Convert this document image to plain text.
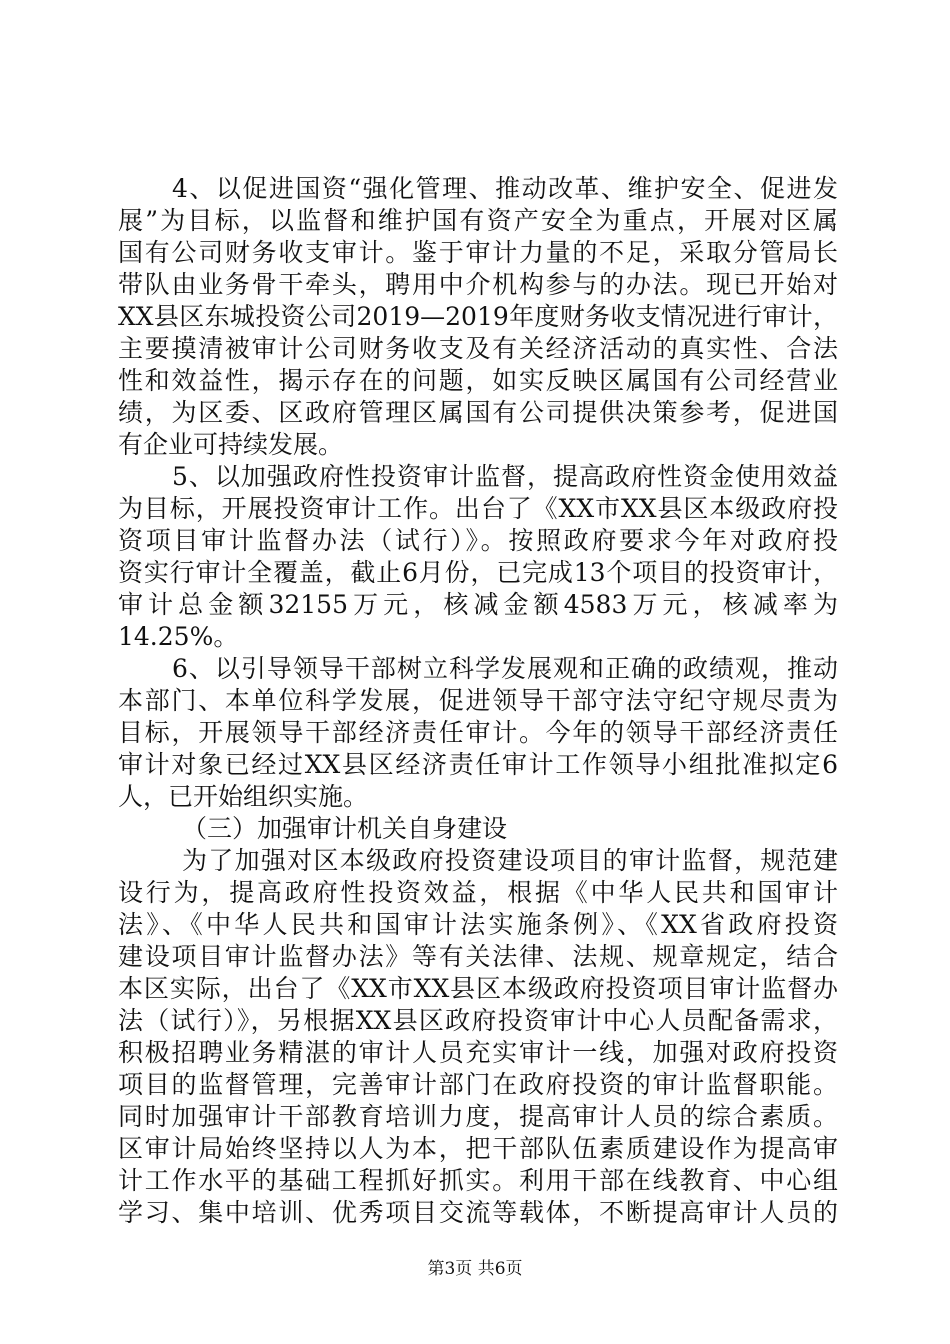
4、以促进国资“强化管理、推动改革、维护安全、促进发
展”为目标，以监督和维护国有资产安全为重点，开展对区属
国有公司财务收支审计。鉴于审计力量的不足，采取分管局长
带队由业务骨干牵头，聘用中介机构参与的办法。现已开始对
XX县区东城投资公司2019—2019年度财务收支情况进行审计，
主要摸清被审计公司财务收支及有关经济活动的真实性、合法
性和效益性，揭示存在的问题，如实反映区属国有公司经营业
绩，为区委、区政府管理区属国有公司提供决策参考，促进国
有企业可持续发展。
5、以加强政府性投资审计监督，提高政府性资金使用效益
为目标，开展投资审计工作。出台了《XX市XX县区本级政府投
资项目审计监督办法（试行）》。按照政府要求今年对政府投
资实行审计全覆盖，截止6月份，已完成13个项目的投资审计，
审计总金额32155万元，核减金额4583万元，核减率为
14.25%。
6、以引导领导干部树立科学发展观和正确的政绩观，推动
本部门、本单位科学发展，促进领导干部守法守纪守规尽责为
目标，开展领导干部经济责任审计。今年的领导干部经济责任
审计对象已经过XX县区经济责任审计工作领导小组批准拟定6
人，已开始组织实施。
（三）加强审计机关自身建设
为了加强对区本级政府投资建设项目的审计监督，规范建
设行为，提高政府性投资效益，根据《中华人民共和国审计
法》、《中华人民共和国审计法实施条例》、《XX省政府投资
建设项目审计监督办法》等有关法律、法规、规章规定，结合
本区实际，出台了《XX市XX县区本级政府投资项目审计监督办
法（试行）》，另根据XX县区政府投资审计中心人员配备需求，
积极招聘业务精湛的审计人员充实审计一线，加强对政府投资
项目的监督管理，完善审计部门在政府投资的审计监督职能。
同时加强审计干部教育培训力度，提高审计人员的综合素质。
区审计局始终坚持以人为本，把干部队伍素质建设作为提高审
计工作水平的基础工程抓好抓实。利用干部在线教育、中心组
学习、集中培训、优秀项目交流等载体，不断提高审计人员的
第3页 共6页
